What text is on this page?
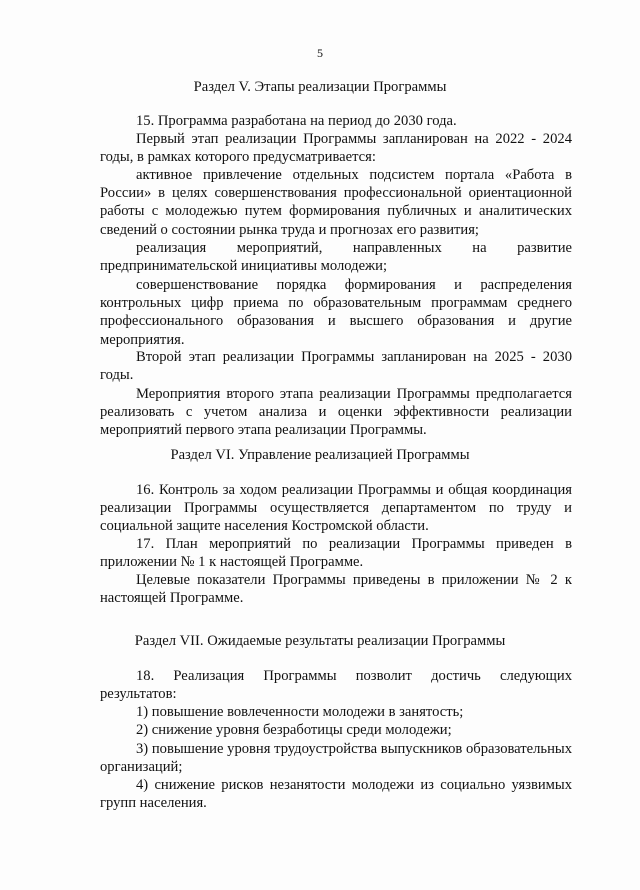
5
Раздел V. Этапы реализации Программы
15. Программа разработана на период до 2030 года.
Первый этап реализации Программы запланирован на 2022 - 2024 годы, в рамках которого предусматривается:
активное привлечение отдельных подсистем портала «Работа в России» в целях совершенствования профессиональной ориентационной работы с молодежью путем формирования публичных и аналитических сведений о состоянии рынка труда и прогнозах его развития;
реализация мероприятий, направленных на развитие предпринимательской инициативы молодежи;
совершенствование порядка формирования и распределения контрольных цифр приема по образовательным программам среднего профессионального образования и высшего образования и другие мероприятия.
Второй этап реализации Программы запланирован на 2025 - 2030 годы.
Мероприятия второго этапа реализации Программы предполагается реализовать с учетом анализа и оценки эффективности реализации мероприятий первого этапа реализации Программы.
Раздел VI. Управление реализацией Программы
16. Контроль за ходом реализации Программы и общая координация реализации Программы осуществляется департаментом по труду и социальной защите населения Костромской области.
17. План мероприятий по реализации Программы приведен в приложении № 1 к настоящей Программе.
Целевые показатели Программы приведены в приложении № 2 к настоящей Программе.
Раздел VII. Ожидаемые результаты реализации Программы
18. Реализация Программы позволит достичь следующих результатов:
1) повышение вовлеченности молодежи в занятость;
2) снижение уровня безработицы среди молодежи;
3) повышение уровня трудоустройства выпускников образовательных организаций;
4) снижение рисков незанятости молодежи из социально уязвимых групп населения.
